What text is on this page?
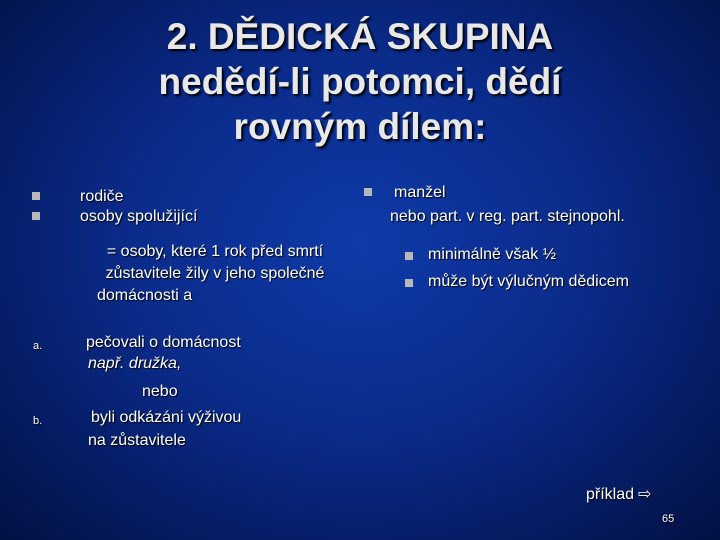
2. DĚDICKÁ SKUPINA
nedědí-li potomci, dědí
rovným dílem:
rodiče
osoby spolužijící
= osoby, které 1 rok před smrtí
zůstavitele žily v jeho společné
domácnosti a
a.	pečovali o domácnost
např. družka,
nebo
b.	byli odkázáni výživou
na zůstavitele
manžel
nebo part. v reg. part. stejnopohl.
minimálně však ½
může být výlučným dědicem
příklad ⇨
65
